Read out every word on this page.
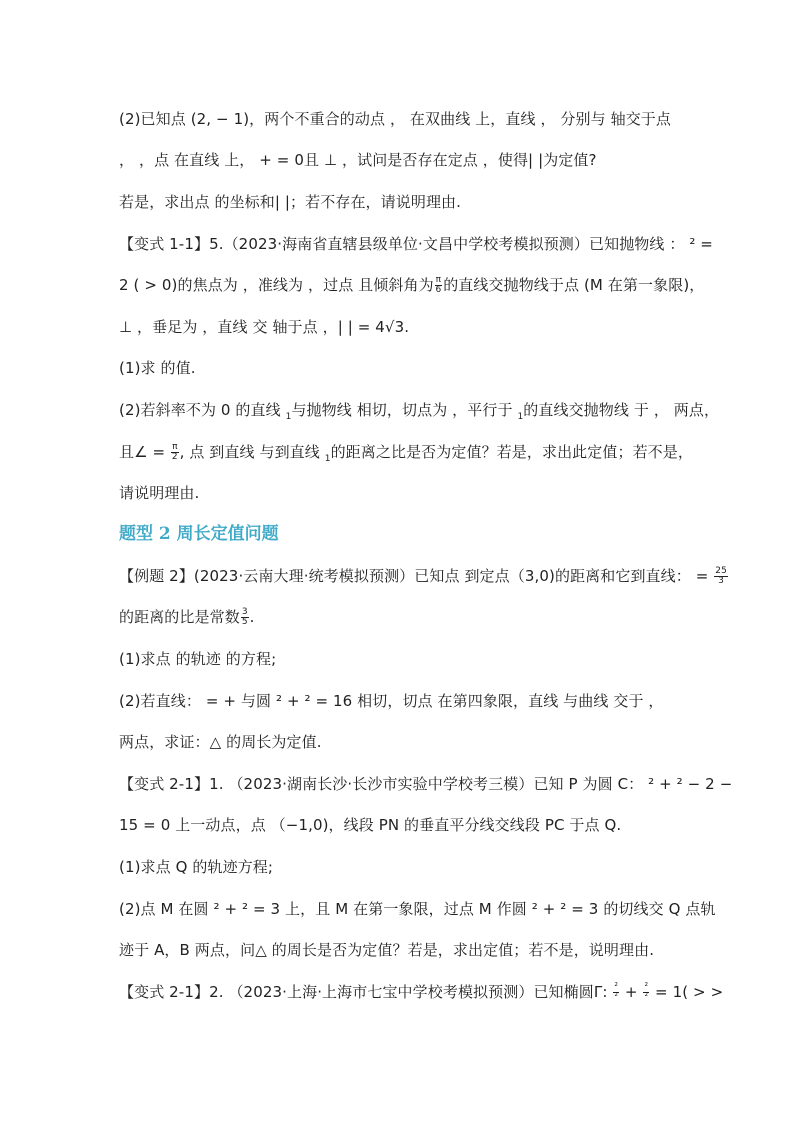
(2)已知点 (2, − 1)，两个不重合的动点 ， 在双曲线 上，直线 ， 分别与 轴交于点
， ，点 在直线 上， + = 0且 ⊥ ，试问是否存在定点 ，使得| |为定值?
若是，求出点 的坐标和| |；若不存在，请说明理由.
【变式 1-1】5.（2023·海南省直辖县级单位·文昌中学校考模拟预测）已知抛物线 ： ² =
2 ( > 0)的焦点为 ，准线为 ，过点 且倾斜角为 $\frac{\pi}{6}$ 的直线交抛物线于点 (M 在第一象限)，
⊥ ，垂足为 ，直线 交 轴于点 ，| | = 4√3.
(1)求 的值.
(2)若斜率不为 0 的直线 $_1$与抛物线 相切，切点为 ，平行于 $_1$的直线交抛物线 于 ， 两点，
且∠ = $\frac{\pi}{2}$ , 点 到直线 与到直线 $_1$的距离之比是否为定值？若是，求出此定值；若不是，
请说明理由.
题型 2 周长定值问题
【例题 2】(2023·云南大理·统考模拟预测）已知点 到定点（3,0)的距离和它到直线： = $\frac{25}{3}$
的距离的比是常数 $\frac{3}{5}$ .
(1)求点 的轨迹 的方程;
(2)若直线： = + 与圆 ² + ² = 16 相切，切点 在第四象限，直线 与曲线 交于 ，
两点，求证：△ 的周长为定值.
【变式 2-1】1. （2023·湖南长沙·长沙市实验中学校考三模）已知 P 为圆 C： ² + ² − 2 −
15 = 0 上一动点，点 （−1,0)，线段 PN 的垂直平分线交线段 PC 于点 Q.
(1)求点 Q 的轨迹方程;
(2)点 M 在圆 ² + ² = 3 上，且 M 在第一象限，过点 M 作圆 ² + ² = 3 的切线交 Q 点轨
迹于 A，B 两点，问△ 的周长是否为定值？若是，求出定值；若不是，说明理由.
【变式 2-1】2. （2023·上海·上海市七宝中学校考模拟预测）已知椭圆Γ: $\frac{\text{²}}{\text{²}} + \frac{\text{²}}{\text{²}} = 1$( > >
